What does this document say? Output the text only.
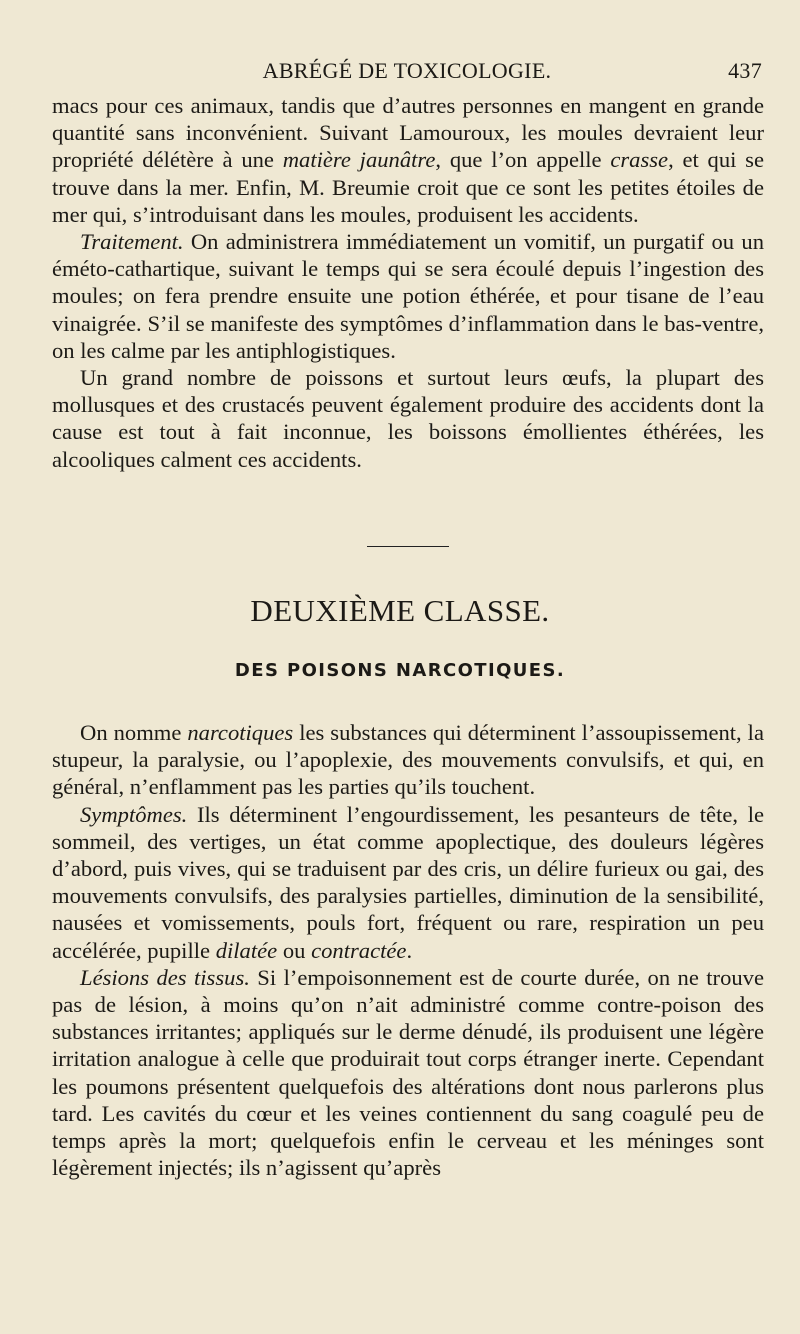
ABRÉGÉ DE TOXICOLOGIE.	437

macs pour ces animaux, tandis que d’autres personnes en mangent en grande quantité sans inconvénient. Suivant Lamouroux, les moules devraient leur propriété délétère à une matière jaunâtre, que l’on appelle crasse, et qui se trouve dans la mer. Enfin, M. Breumie croit que ce sont les petites étoiles de mer qui, s’introduisant dans les moules, produisent les accidents.

Traitement. On administrera immédiatement un vomitif, un purgatif ou un éméto-cathartique, suivant le temps qui se sera écoulé depuis l’ingestion des moules; on fera prendre ensuite une potion éthérée, et pour tisane de l’eau vinaigrée. S’il se manifeste des symptômes d’inflammation dans le bas-ventre, on les calme par les antiphlogistiques.

Un grand nombre de poissons et surtout leurs œufs, la plupart des mollusques et des crustacés peuvent également produire des accidents dont la cause est tout à fait inconnue, les boissons émollientes éthérées, les alcooliques calment ces accidents.

DEUXIÈME CLASSE.
DES POISONS NARCOTIQUES.

On nomme narcotiques les substances qui déterminent l’assoupissement, la stupeur, la paralysie, ou l’apoplexie, des mouvements convulsifs, et qui, en général, n’enflamment pas les parties qu’ils touchent.

Symptômes. Ils déterminent l’engourdissement, les pesanteurs de tête, le sommeil, des vertiges, un état comme apoplectique, des douleurs légères d’abord, puis vives, qui se traduisent par des cris, un délire furieux ou gai, des mouvements convulsifs, des paralysies partielles, diminution de la sensibilité, nausées et vomissements, pouls fort, fréquent ou rare, respiration un peu accélérée, pupille dilatée ou contractée.

Lésions des tissus. Si l’empoisonnement est de courte durée, on ne trouve pas de lésion, à moins qu’on n’ait administré comme contre-poison des substances irritantes; appliqués sur le derme dénudé, ils produisent une légère irritation analogue à celle que produirait tout corps étranger inerte. Cependant les poumons présentent quelquefois des altérations dont nous parlerons plus tard. Les cavités du cœur et les veines contiennent du sang coagulé peu de temps après la mort; quelquefois enfin le cerveau et les méninges sont légèrement injectés; ils n’agissent qu’après
